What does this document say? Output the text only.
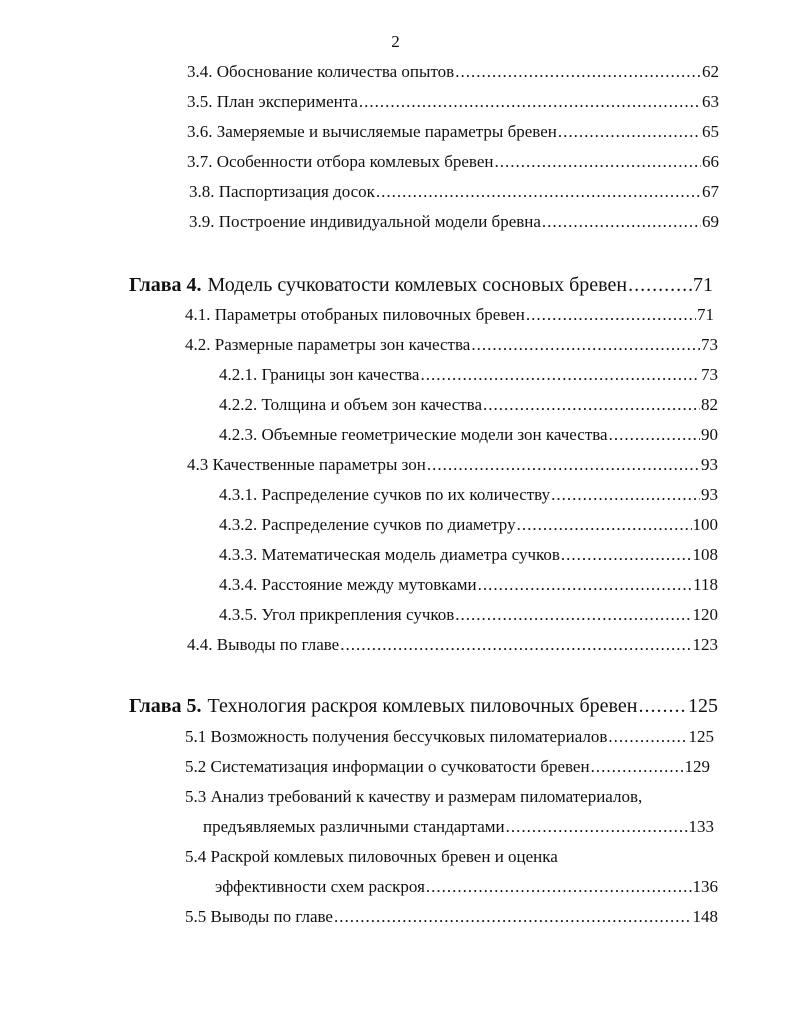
2
3.4. Обоснование количества опытов .....	62
3.5. План эксперимента .....	63
3.6. Замеряемые и вычисляемые параметры бревен .....	65
3.7. Особенности отбора комлевых бревен .....	66
3.8. Паспортизация досок .....	67
3.9. Построение индивидуальной модели бревна .....	69
Глава 4. Модель сучковатости комлевых сосновых бревен .....	71
4.1. Параметры отобраных пиловочных бревен .....	71
4.2. Размерные параметры зон качества .....	73
4.2.1. Границы зон качества .....	73
4.2.2. Толщина и объем зон качества .....	82
4.2.3. Объемные геометрические модели зон качества .....	90
4.3 Качественные параметры зон .....	93
4.3.1. Распределение сучков по их количеству .....	93
4.3.2. Распределение сучков по диаметру .....	100
4.3.3. Математическая модель диаметра сучков .....	108
4.3.4. Расстояние между мутовками .....	118
4.3.5. Угол прикрепления сучков .....	120
4.4. Выводы по главе .....	123
Глава 5. Технология раскроя комлевых пиловочных бревен .....	125
5.1 Возможность получения бессучковых пиломатериалов .....	125
5.2 Систематизация информации о сучковатости бревен .....	129
5.3 Анализ требований к качеству и размерам пиломатериалов,
предъявляемых различными стандартами .....	133
5.4 Раскрой комлевых пиловочных бревен и оценка
эффективности схем раскроя .....	136
5.5 Выводы по главе .....	148
